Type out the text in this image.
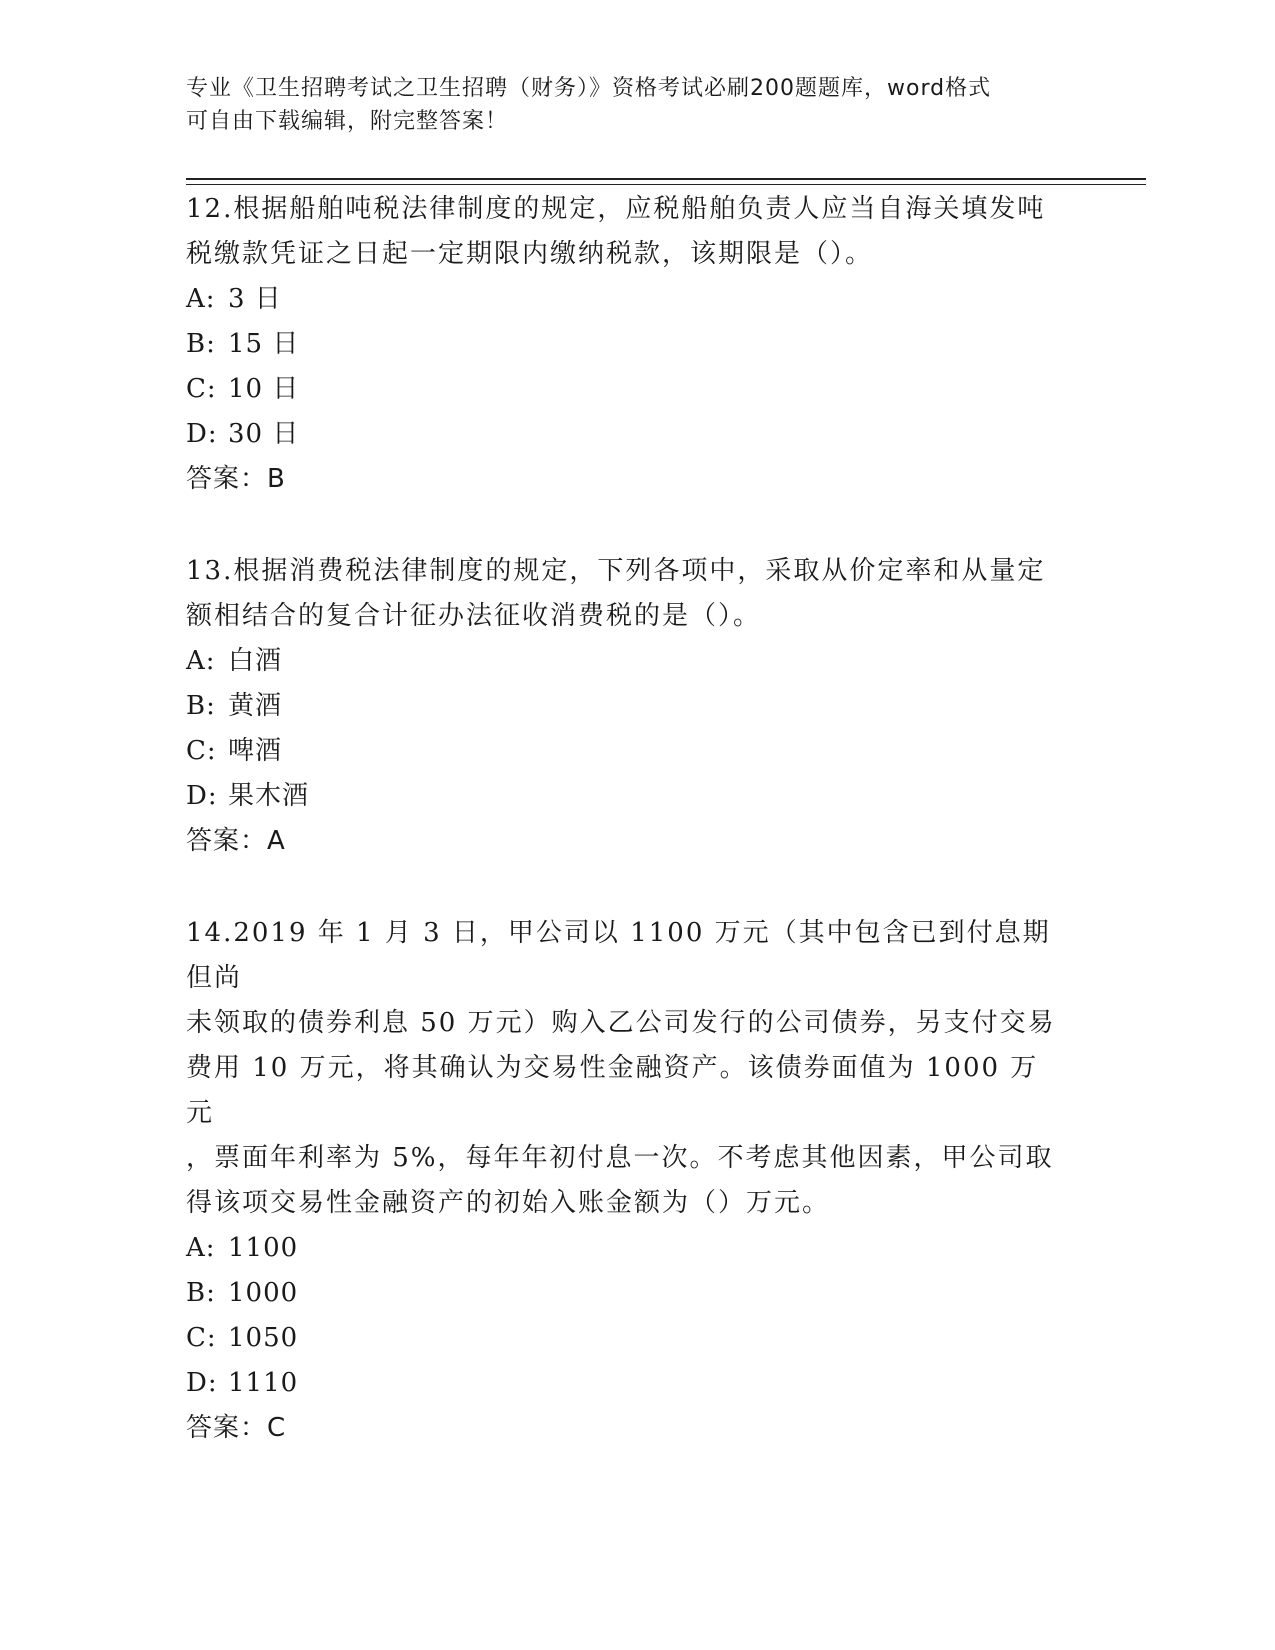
专业《卫生招聘考试之卫生招聘（财务）》资格考试必刷200题题库，word格式
可自由下载编辑，附完整答案！

12.根据船舶吨税法律制度的规定，应税船舶负责人应当自海关填发吨

税缴款凭证之日起一定期限内缴纳税款，该期限是（）。

A: 3 日

B: 15 日

C: 10 日

D: 30 日

答案：B

13.根据消费税法律制度的规定，下列各项中，采取从价定率和从量定

额相结合的复合计征办法征收消费税的是（）。

A: 白酒

B: 黄酒

C: 啤酒

D: 果木酒

答案：A

14.2019 年 1 月 3 日，甲公司以 1100 万元（其中包含已到付息期但尚

未领取的债券利息 50 万元）购入乙公司发行的公司债券，另支付交易

费用 10 万元，将其确认为交易性金融资产。该债券面值为 1000 万元

，票面年利率为 5%，每年年初付息一次。不考虑其他因素，甲公司取

得该项交易性金融资产的初始入账金额为（）万元。

A: 1100

B: 1000

C: 1050

D: 1110

答案：C
